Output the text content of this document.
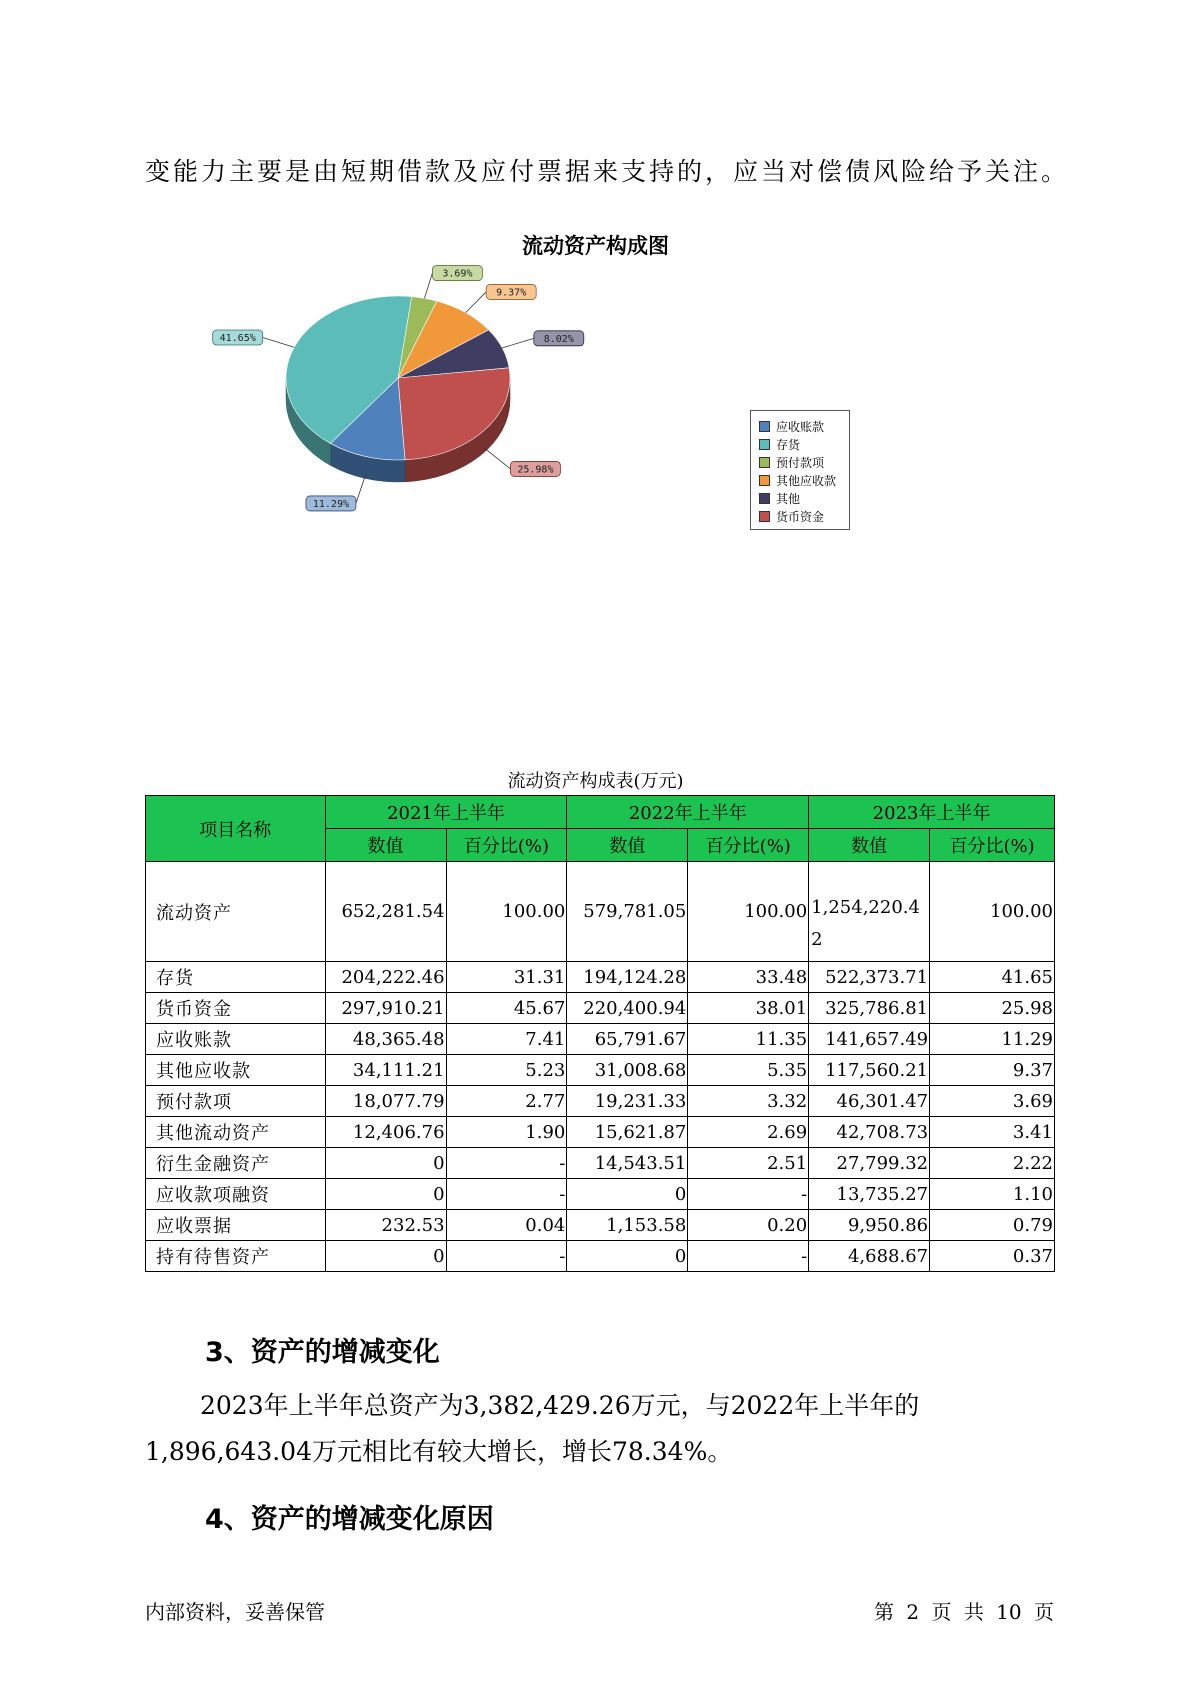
变能力主要是由短期借款及应付票据来支持的，应当对偿债风险给予关注。
流动资产构成图
3.69%
9.37%
8.02%
25.98%
11.29%
41.65%
应收账款
存货
预付款项
其他应收款
其他
货币资金
流动资产构成表(万元)
项目名称	2021年上半年		2022年上半年		2023年上半年	
	数值	百分比(%)	数值	百分比(%)	数值	百分比(%)
流动资产	652,281.54	100.00	579,781.05	100.00	1,254,220.42	100.00
存货	204,222.46	31.31	194,124.28	33.48	522,373.71	41.65
货币资金	297,910.21	45.67	220,400.94	38.01	325,786.81	25.98
应收账款	48,365.48	7.41	65,791.67	11.35	141,657.49	11.29
其他应收款	34,111.21	5.23	31,008.68	5.35	117,560.21	9.37
预付款项	18,077.79	2.77	19,231.33	3.32	46,301.47	3.69
其他流动资产	12,406.76	1.90	15,621.87	2.69	42,708.73	3.41
衍生金融资产	0	-	14,543.51	2.51	27,799.32	2.22
应收款项融资	0	-	0	-	13,735.27	1.10
应收票据	232.53	0.04	1,153.58	0.20	9,950.86	0.79
持有待售资产	0	-	0	-	4,688.67	0.37
3、资产的增减变化
2023年上半年总资产为3,382,429.26万元，与2022年上半年的1,896,643.04万元相比有较大增长，增长78.34%。
4、资产的增减变化原因
内部资料，妥善保管	第 2 页 共 10 页
